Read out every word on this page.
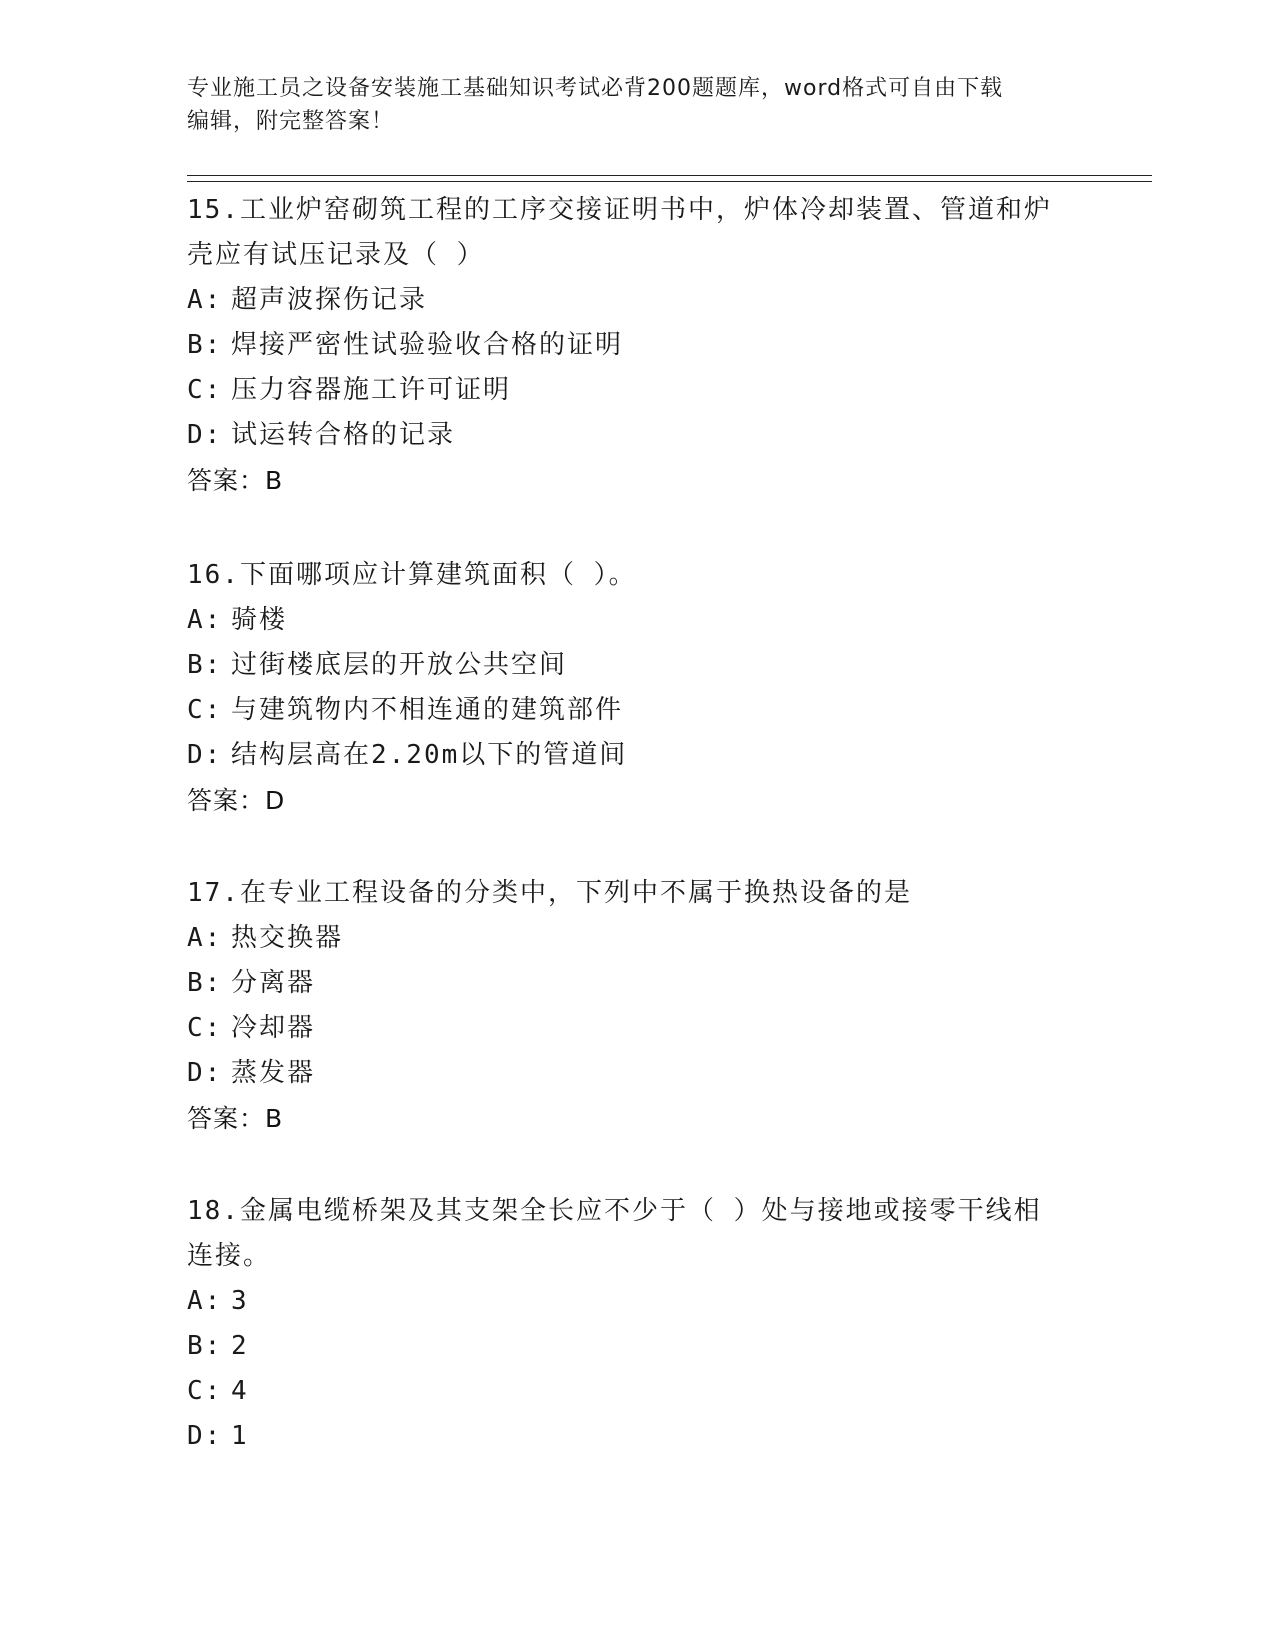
专业施工员之设备安装施工基础知识考试必背200题题库，word格式可自由下载
编辑，附完整答案！
15.工业炉窑砌筑工程的工序交接证明书中，炉体冷却装置、管道和炉
壳应有试压记录及（ ）
A: 超声波探伤记录
B: 焊接严密性试验验收合格的证明
C: 压力容器施工许可证明
D: 试运转合格的记录
答案：B
16.下面哪项应计算建筑面积（ ）。
A: 骑楼
B: 过街楼底层的开放公共空间
C: 与建筑物内不相连通的建筑部件
D: 结构层高在2.20m以下的管道间
答案：D
17.在专业工程设备的分类中，下列中不属于换热设备的是
A: 热交换器
B: 分离器
C: 冷却器
D: 蒸发器
答案：B
18.金属电缆桥架及其支架全长应不少于（ ）处与接地或接零干线相
连接。
A: 3
B: 2
C: 4
D: 1
